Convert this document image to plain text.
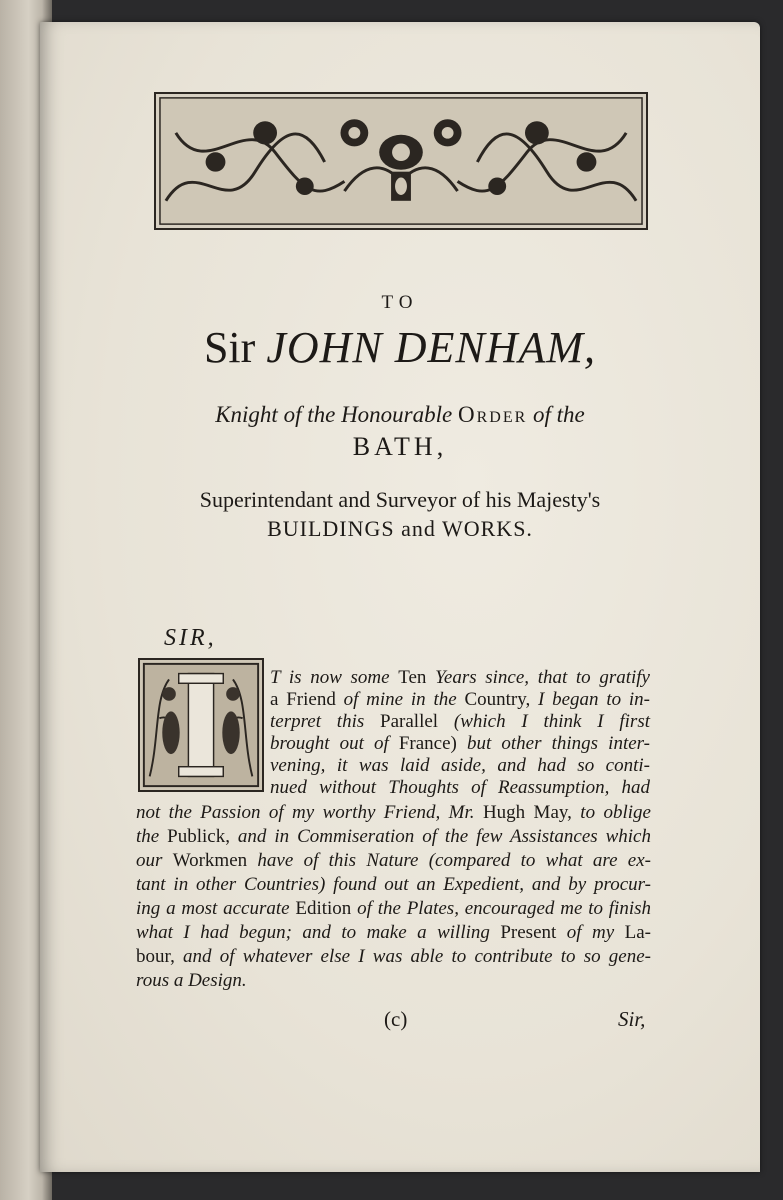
TO
Sir JOHN DENHAM,
Knight of the Honourable Order of the
BATH,
Superintendant and Surveyor of his Majesty's
BUILDINGS and WORKS.
SIR,
T is now some Ten Years since, that to gratify
a Friend of mine in the Country, I began to in-
terpret this Parallel (which I think I first
brought out of France) but other things inter-
vening, it was laid aside, and had so conti-
nued without Thoughts of Reassumption, had
not the Passion of my worthy Friend, Mr. Hugh May, to oblige
the Publick, and in Commiseration of the few Assistances which
our Workmen have of this Nature (compared to what are ex-
tant in other Countries) found out an Expedient, and by procur-
ing a most accurate Edition of the Plates, encouraged me to finish
what I had begun; and to make a willing Present of my La-
bour, and of whatever else I was able to contribute to so gene-
rous a Design.
(c)	Sir,
